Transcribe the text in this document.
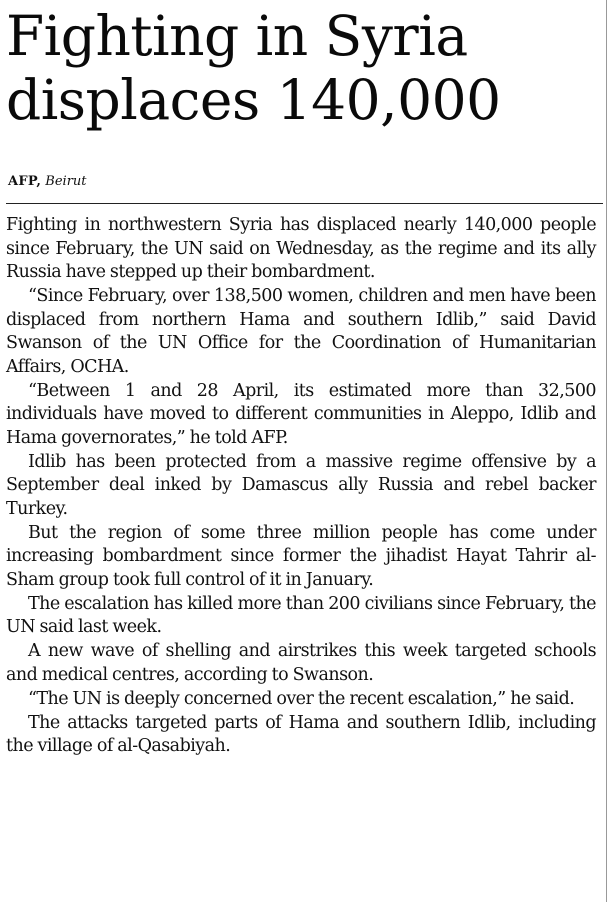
Fighting in Syria
displaces 140,000
AFP, Beirut

Fighting in northwestern Syria has displaced nearly 140,000 people since February, the UN said on Wednesday, as the regime and its ally Russia have stepped up their bombardment.

“Since February, over 138,500 women, children and men have been displaced from northern Hama and southern Idlib,” said David Swanson of the UN Office for the Coordination of Humanitarian Affairs, OCHA.

“Between 1 and 28 April, its estimated more than 32,500 individuals have moved to different communities in Aleppo, Idlib and Hama governorates,” he told AFP.

Idlib has been protected from a massive regime offensive by a September deal inked by Damascus ally Russia and rebel backer Turkey.

But the region of some three million people has come under increasing bombardment since former the jihadist Hayat Tahrir al-Sham group took full control of it in January.

The escalation has killed more than 200 civilians since February, the UN said last week.

A new wave of shelling and airstrikes this week targeted schools and medical centres, according to Swanson.

“The UN is deeply concerned over the recent escalation,” he said.

The attacks targeted parts of Hama and southern Idlib, including the village of al-Qasabiyah.
